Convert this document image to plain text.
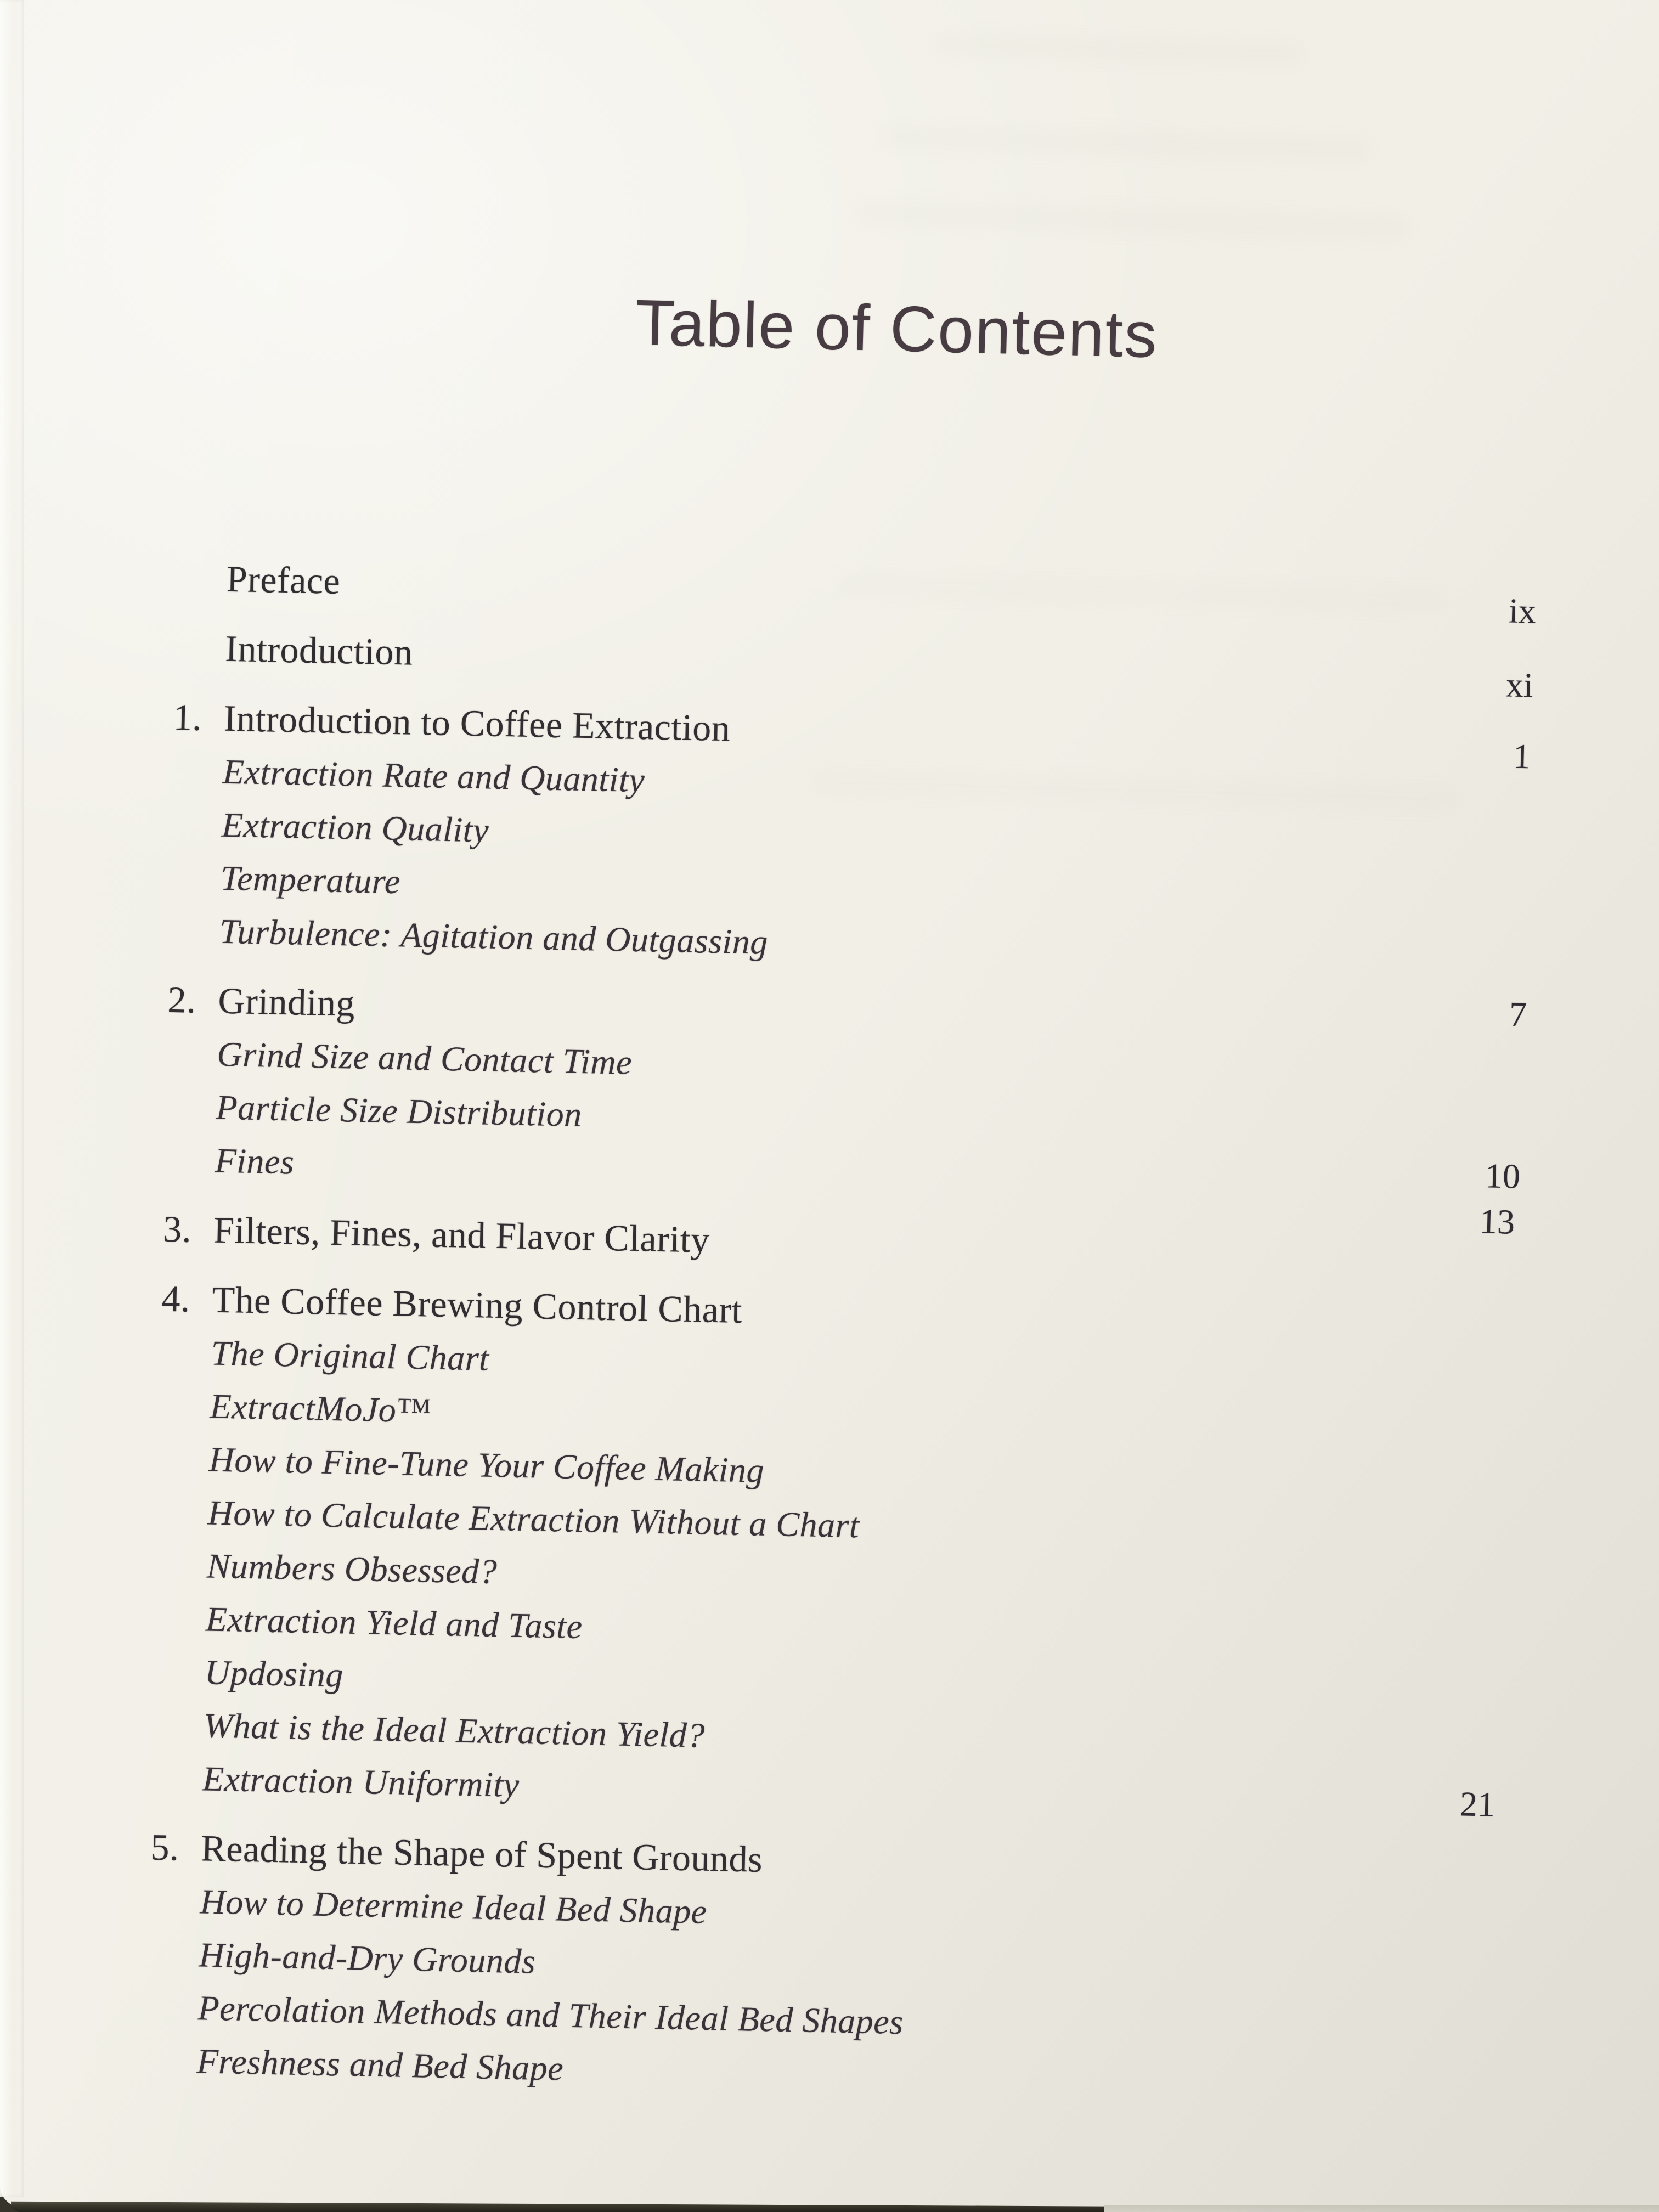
Table of Contents
Preface
Introduction
1. Introduction to Coffee Extraction
Extraction Rate and Quantity
Extraction Quality
Temperature
Turbulence: Agitation and Outgassing
2. Grinding
Grind Size and Contact Time
Particle Size Distribution
Fines
3. Filters, Fines, and Flavor Clarity
4. The Coffee Brewing Control Chart
The Original Chart
ExtractMoJo™
How to Fine-Tune Your Coffee Making
How to Calculate Extraction Without a Chart
Numbers Obsessed?
Extraction Yield and Taste
Updosing
What is the Ideal Extraction Yield?
Extraction Uniformity
5. Reading the Shape of Spent Grounds
How to Determine Ideal Bed Shape
High-and-Dry Grounds
Percolation Methods and Their Ideal Bed Shapes
Freshness and Bed Shape
ix
xi
1
7
10
13
21
